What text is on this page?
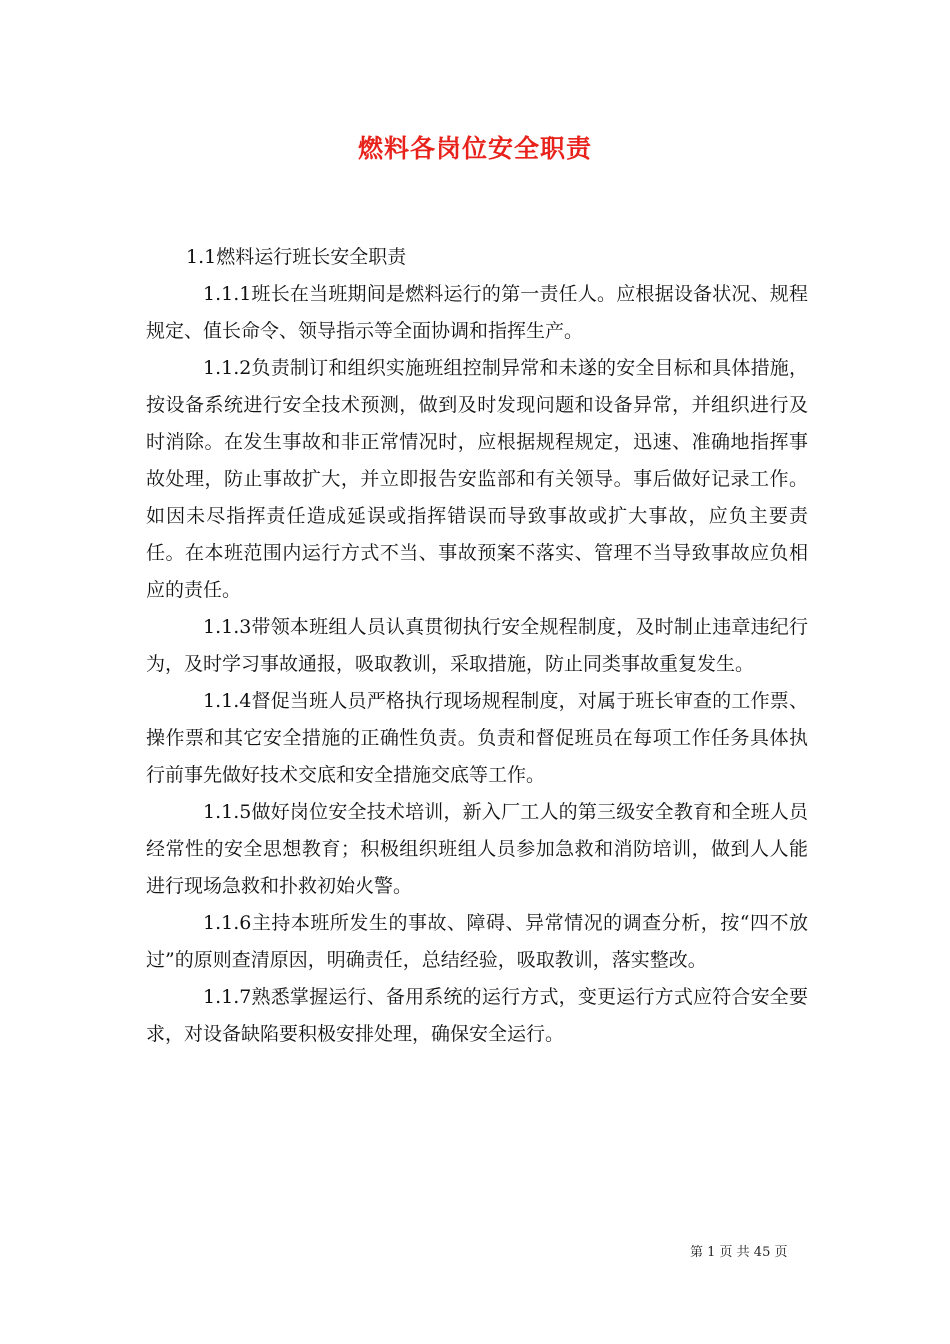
燃料各岗位安全职责

1.1燃料运行班长安全职责

1.1.1班长在当班期间是燃料运行的第一责任人。应根据设备状况、规程规定、值长命令、领导指示等全面协调和指挥生产。

1.1.2负责制订和组织实施班组控制异常和未遂的安全目标和具体措施，按设备系统进行安全技术预测，做到及时发现问题和设备异常，并组织进行及时消除。在发生事故和非正常情况时，应根据规程规定，迅速、准确地指挥事故处理，防止事故扩大，并立即报告安监部和有关领导。事后做好记录工作。如因未尽指挥责任造成延误或指挥错误而导致事故或扩大事故，应负主要责任。在本班范围内运行方式不当、事故预案不落实、管理不当导致事故应负相应的责任。

1.1.3带领本班组人员认真贯彻执行安全规程制度，及时制止违章违纪行为，及时学习事故通报，吸取教训，采取措施，防止同类事故重复发生。

1.1.4督促当班人员严格执行现场规程制度，对属于班长审查的工作票、操作票和其它安全措施的正确性负责。负责和督促班员在每项工作任务具体执行前事先做好技术交底和安全措施交底等工作。

1.1.5做好岗位安全技术培训，新入厂工人的第三级安全教育和全班人员经常性的安全思想教育；积极组织班组人员参加急救和消防培训，做到人人能进行现场急救和扑救初始火警。

1.1.6主持本班所发生的事故、障碍、异常情况的调查分析，按“四不放过”的原则查清原因，明确责任，总结经验，吸取教训，落实整改。

1.1.7熟悉掌握运行、备用系统的运行方式，变更运行方式应符合安全要求，对设备缺陷要积极安排处理，确保安全运行。

第 1 页 共 45 页
